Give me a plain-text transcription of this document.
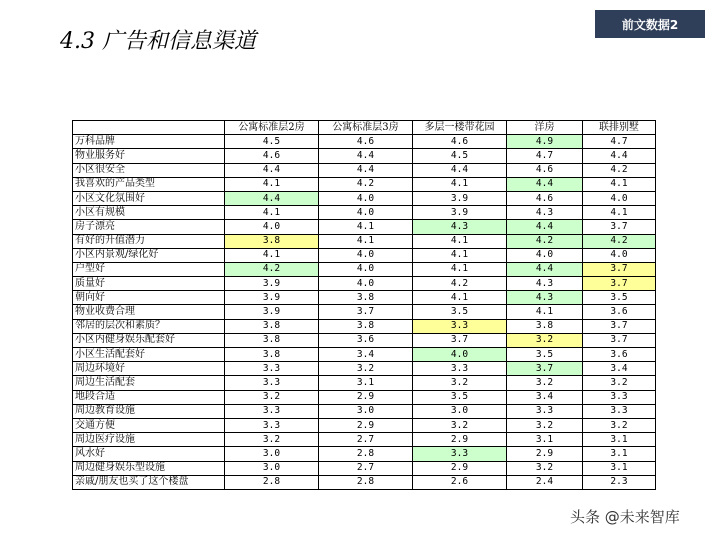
前文数据2
4.3 广告和信息渠道
	公寓标准层2房	公寓标准层3房	多层一楼带花园	洋房	联排别墅
万科品牌	4.5	4.6	4.6	4.9	4.7
物业服务好	4.6	4.4	4.5	4.7	4.4
小区很安全	4.4	4.4	4.4	4.6	4.2
我喜欢的产品类型	4.1	4.2	4.1	4.4	4.1
小区文化氛围好	4.4	4.0	3.9	4.6	4.0
小区有规模	4.1	4.0	3.9	4.3	4.1
房子漂亮	4.0	4.1	4.3	4.4	3.7
有好的升值潜力	3.8	4.1	4.1	4.2	4.2
小区内景观/绿化好	4.1	4.0	4.1	4.0	4.0
户型好	4.2	4.0	4.1	4.4	3.7
质量好	3.9	4.0	4.2	4.3	3.7
朝向好	3.9	3.8	4.1	4.3	3.5
物业收费合理	3.9	3.7	3.5	4.1	3.6
邻居的层次和素质？	3.8	3.8	3.3	3.8	3.7
小区内健身娱乐配套好	3.8	3.6	3.7	3.2	3.7
小区生活配套好	3.8	3.4	4.0	3.5	3.6
周边环境好	3.3	3.2	3.3	3.7	3.4
周边生活配套	3.3	3.1	3.2	3.2	3.2
地段合适	3.2	2.9	3.5	3.4	3.3
周边教育设施	3.3	3.0	3.0	3.3	3.3
交通方便	3.3	2.9	3.2	3.2	3.2
周边医疗设施	3.2	2.7	2.9	3.1	3.1
风水好	3.0	2.8	3.3	2.9	3.1
周边健身娱乐型设施	3.0	2.7	2.9	3.2	3.1
亲戚/朋友也买了这个楼盘	2.8	2.8	2.6	2.4	2.3
头条 @未来智库
